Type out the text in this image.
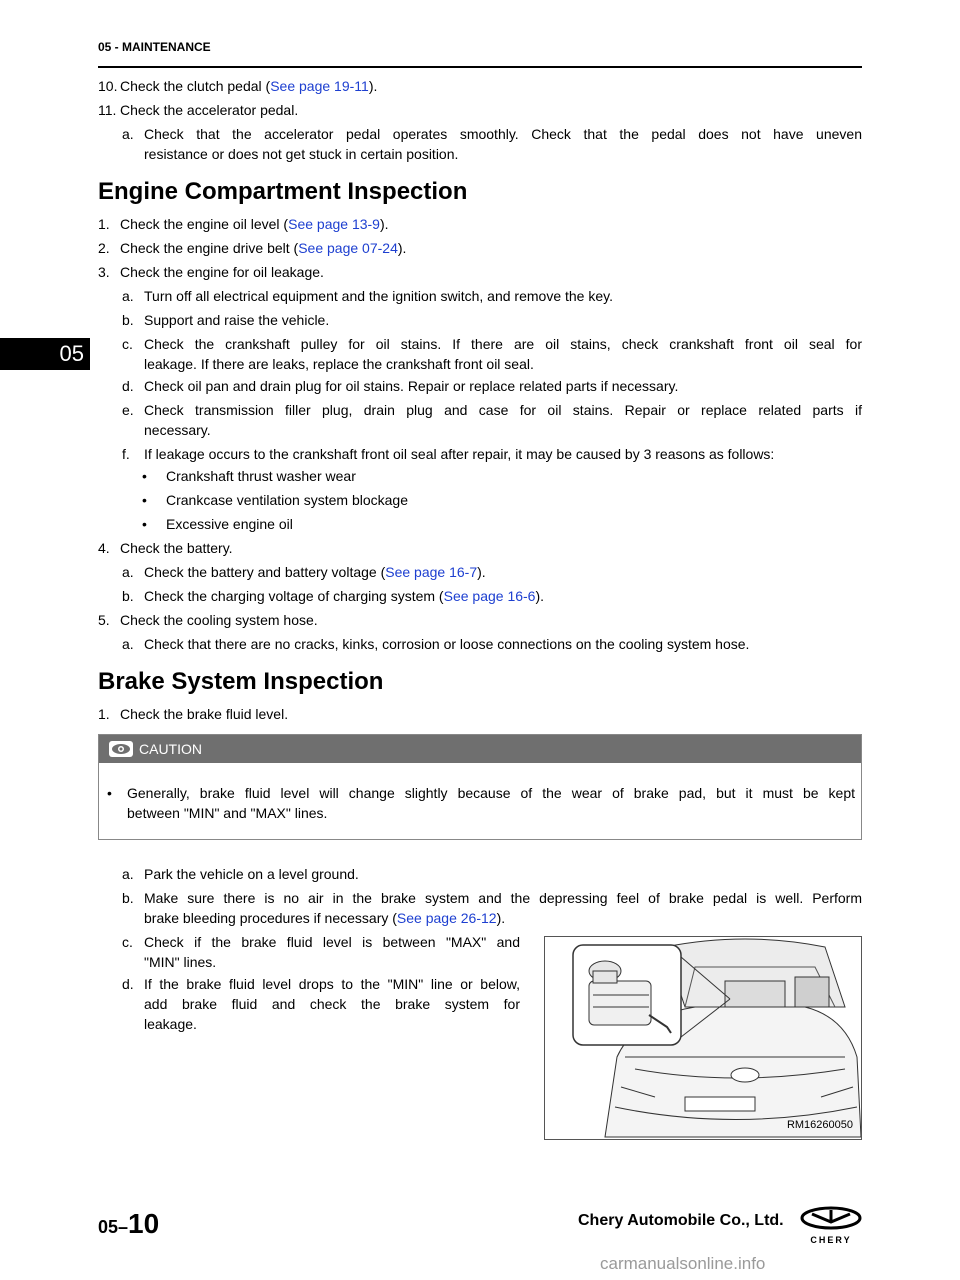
05 - MAINTENANCE
05
10. Check the clutch pedal (See page 19-11).
11. Check the accelerator pedal.
a. Check that the accelerator pedal operates smoothly. Check that the pedal does not have uneven
resistance or does not get stuck in certain position.
Engine Compartment Inspection
1. Check the engine oil level (See page 13-9).
2. Check the engine drive belt (See page 07-24).
3. Check the engine for oil leakage.
a. Turn off all electrical equipment and the ignition switch, and remove the key.
b. Support and raise the vehicle.
c. Check the crankshaft pulley for oil stains. If there are oil stains, check crankshaft front oil seal for
leakage. If there are leaks, replace the crankshaft front oil seal.
d. Check oil pan and drain plug for oil stains. Repair or replace related parts if necessary.
e. Check transmission filler plug, drain plug and case for oil stains. Repair or replace related parts if
necessary.
f. If leakage occurs to the crankshaft front oil seal after repair, it may be caused by 3 reasons as follows:
• Crankshaft thrust washer wear
• Crankcase ventilation system blockage
• Excessive engine oil
4. Check the battery.
a. Check the battery and battery voltage (See page 16-7).
b. Check the charging voltage of charging system (See page 16-6).
5. Check the cooling system hose.
a. Check that there are no cracks, kinks, corrosion or loose connections on the cooling system hose.
Brake System Inspection
1. Check the brake fluid level.
CAUTION
• Generally, brake fluid level will change slightly because of the wear of brake pad, but it must be kept
between "MIN" and "MAX" lines.
a. Park the vehicle on a level ground.
b. Make sure there is no air in the brake system and the depressing feel of brake pedal is well. Perform
brake bleeding procedures if necessary (See page 26-12).
c. Check if the brake fluid level is between "MAX" and
"MIN" lines.
d. If the brake fluid level drops to the "MIN" line or below,
add brake fluid and check the brake system for
leakage.
RM16260050
05–10	Chery Automobile Co., Ltd.
CHERY
carmanualsonline.info
